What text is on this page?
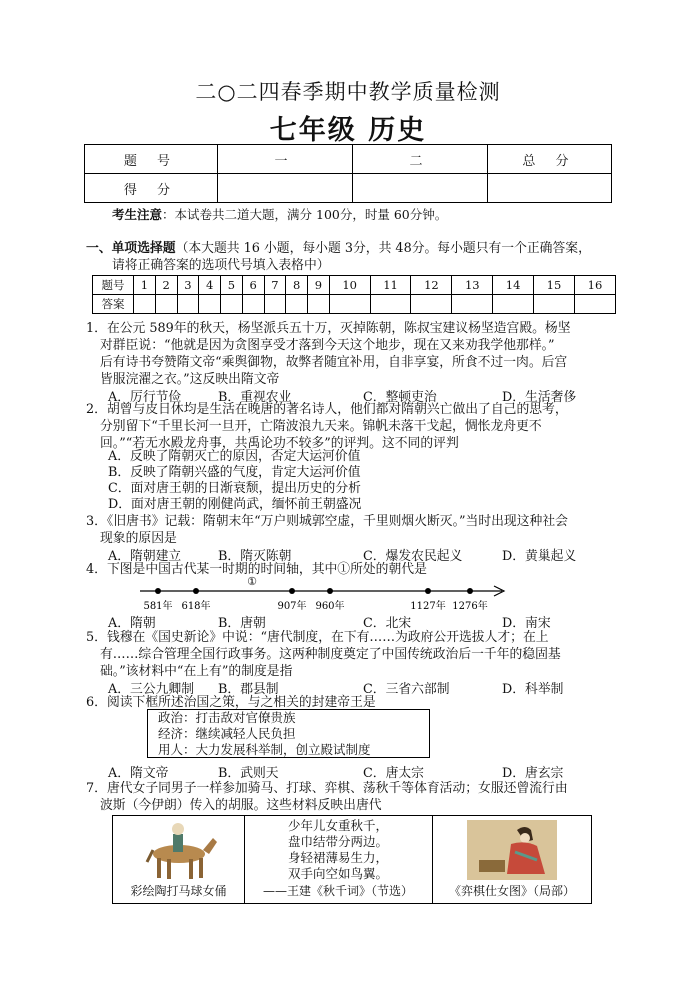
二○二四春季期中教学质量检测
七年级 历史
题 号	一	二	总 分
得 分			
考生注意：本试卷共二道大题，满分 100分，时量 60分钟。
一、单项选择题（本大题共 16 小题，每小题 3分，共 48分。每小题只有一个正确答案，
请将正确答案的选项代号填入表格中）
题号	1	2	3	4	5	6	7	8	9	10	11	12	13	14	15	16
答案																
1．在公元 589年的秋天，杨坚派兵五十万，灭掉陈朝，陈叔宝建议杨坚造宫殿。杨坚
对群臣说：“他就是因为贪图享受才落到今天这个地步，现在又来劝我学他那样。”
后有诗书夸赞隋文帝“乘舆御物，故弊者随宜补用，自非享宴，所食不过一肉。后宫
皆服浣濯之衣。”这反映出隋文帝
A．厉行节俭	B．重视农业	C．整顿吏治	D．生活奢侈
2．胡曾与皮日休均是生活在晚唐的著名诗人，他们都对隋朝兴亡做出了自己的思考，
分别留下“千里长河一旦开，亡隋波浪九天来。锦帆未落干戈起，惆怅龙舟更不
回。”“若无水殿龙舟事，共禹论功不较多”的评判。这不同的评判
A．反映了隋朝灭亡的原因，否定大运河价值
B．反映了隋朝兴盛的气度，肯定大运河价值
C．面对唐王朝的日渐衰颓，提出历史的分析
D．面对唐王朝的刚健尚武，缅怀前王朝盛况
3．《旧唐书》记载：隋朝末年“万户则城郭空虚，千里则烟火断灭。”当时出现这种社会
现象的原因是
A．隋朝建立	B．隋灭陈朝	C．爆发农民起义	D．黄巢起义
4．下图是中国古代某一时期的时间轴，其中①所处的朝代是
①
581年 618年	907年 960年	1127年 1276年
A．隋朝	B．唐朝	C．北宋	D．南宋
5．钱穆在《国史新论》中说：“唐代制度，在下有……为政府公开选拔人才；在上
有……综合管理全国行政事务。这两种制度奠定了中国传统政治后一千年的稳固基
础。”该材料中“在上有”的制度是指
A．三公九卿制 B．郡县制	C．三省六部制	D．科举制
6．阅读下框所述治国之策，与之相关的封建帝王是
政治：打击敌对官僚贵族
经济：继续减轻人民负担
用人：大力发展科举制，创立殿试制度
A．隋文帝	B．武则天	C．唐太宗	D．唐玄宗
7．唐代女子同男子一样参加骑马、打球、弈棋、荡秋千等体育活动；女服还曾流行由
波斯（今伊朗）传入的胡服。这些材料反映出唐代
彩绘陶打马球女俑
少年儿女重秋千，
盘巾结带分两边。
身轻裙薄易生力，
双手向空如鸟翼。
——王建《秋千词》（节选）	《弈棋仕女图》（局部）
